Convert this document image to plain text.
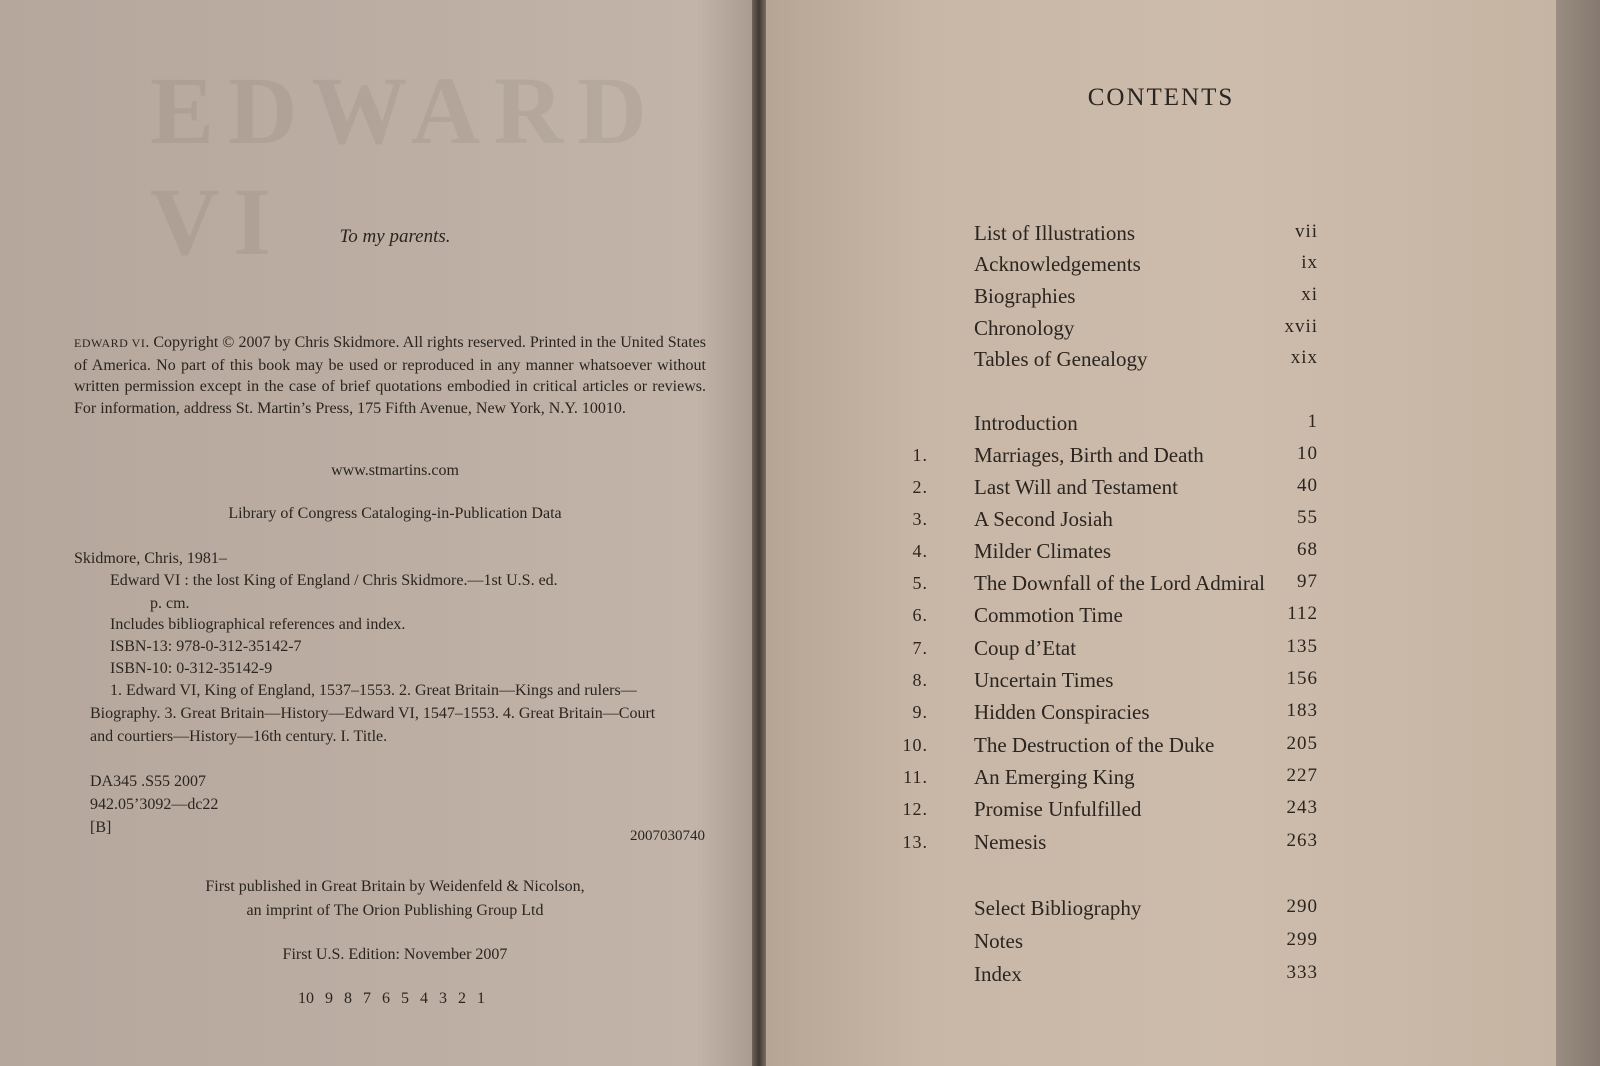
EDWARD VI	To my parents.
EDWARD VI. Copyright © 2007 by Chris Skidmore. All rights reserved. Printed in the United States of America. No part of this book may be used or reproduced in any manner whatsoever without written permission except in the case of brief quotations embodied in critical articles or reviews. For information, address St. Martin’s Press, 175 Fifth Avenue, New York, N.Y. 10010.
www.stmartins.com
Library of Congress Cataloging-in-Publication Data
Skidmore, Chris, 1981–
Edward VI : the lost King of England / Chris Skidmore.—1st U.S. ed.
p. cm.
Includes bibliographical references and index.
ISBN-13: 978-0-312-35142-7
ISBN-10: 0-312-35142-9
1. Edward VI, King of England, 1537–1553. 2. Great Britain—Kings and rulers—
Biography. 3. Great Britain—History—Edward VI, 1547–1553. 4. Great Britain—Court
and courtiers—History—16th century. I. Title.
DA345 .S55 2007
942.05’3092—dc22
[B]	2007030740
First published in Great Britain by Weidenfeld & Nicolson,
an imprint of The Orion Publishing Group Ltd
First U.S. Edition: November 2007
10 9 8 7 6 5 4 3 2 1
CONTENTS
List of Illustrations	vii
Acknowledgements	ix
Biographies	xi
Chronology	xvii
Tables of Genealogy	xix
Introduction	1
1. Marriages, Birth and Death	10
2. Last Will and Testament	40
3. A Second Josiah	55
4. Milder Climates	68
5. The Downfall of the Lord Admiral 97
6. Commotion Time	112
7. Coup d’Etat	135
8. Uncertain Times	156
9. Hidden Conspiracies	183
10. The Destruction of the Duke	205
11. An Emerging King	227
12. Promise Unfulfilled	243
13. Nemesis	263
Select Bibliography	290
Notes	299
Index	333
